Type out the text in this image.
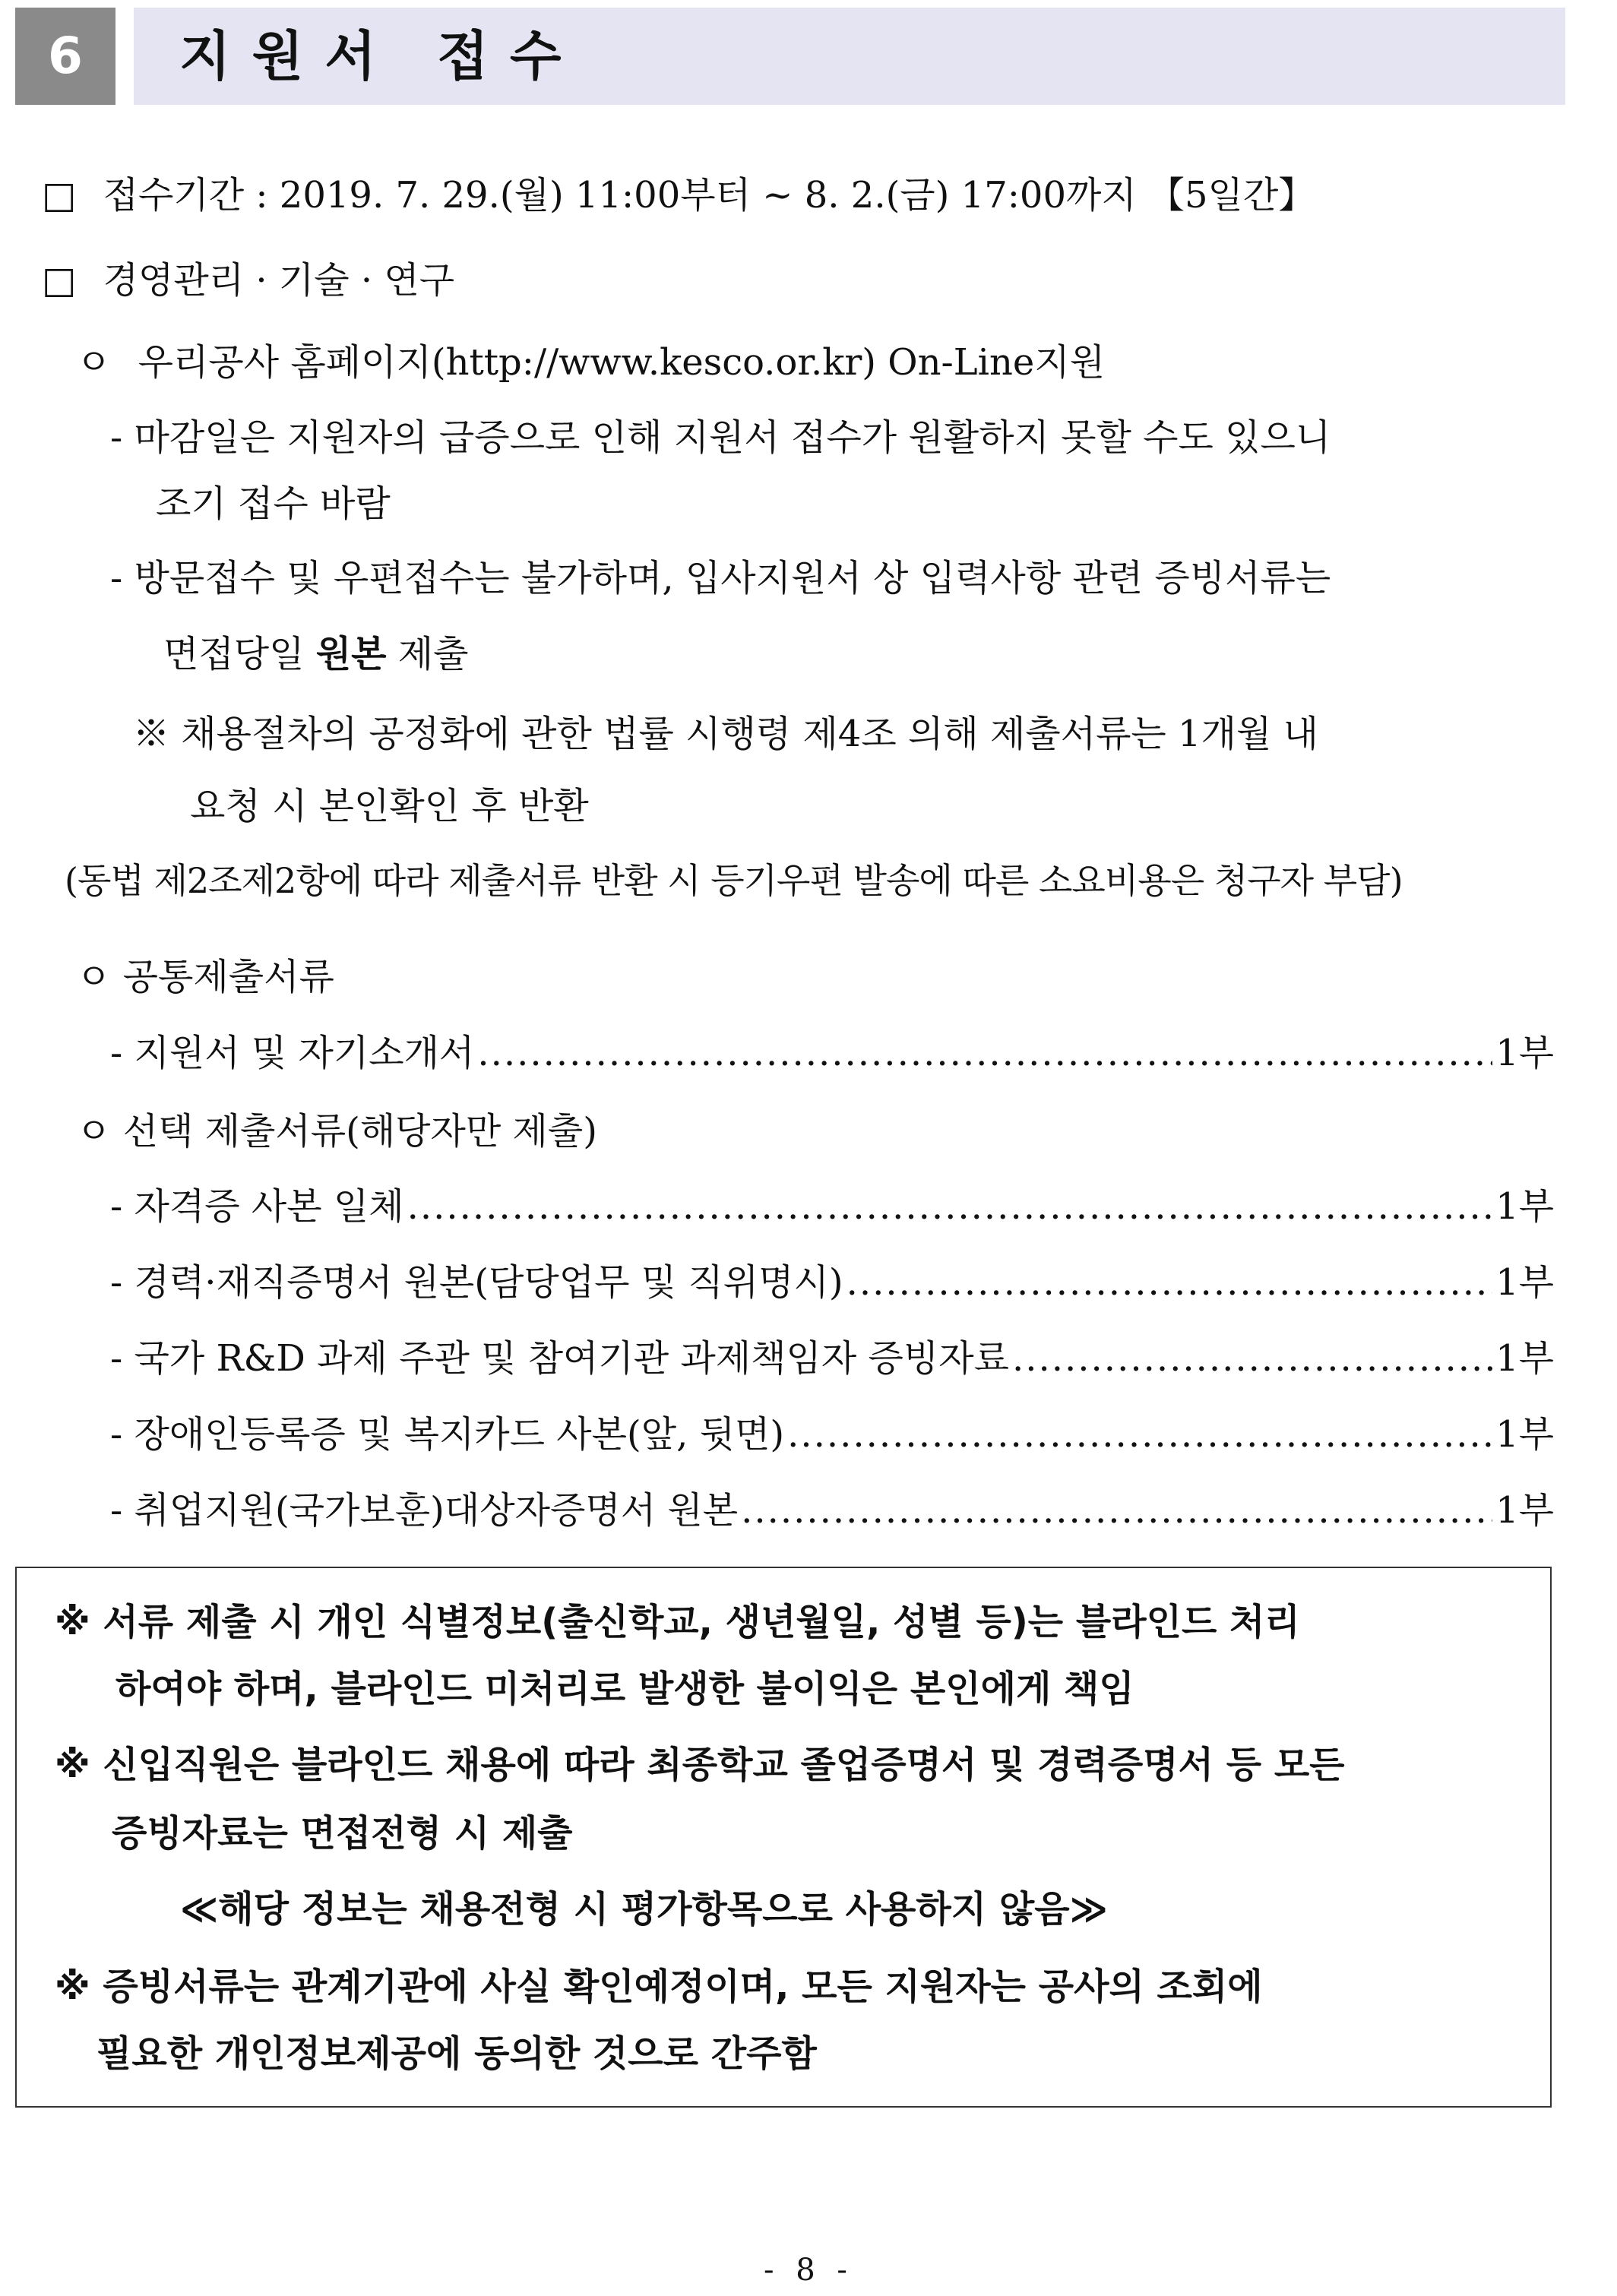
6	지원서 접수
□ 접수기간 : 2019. 7. 29.(월) 11:00부터 ~ 8. 2.(금) 17:00까지 【5일간】
□ 경영관리 · 기술 · 연구
ㅇ 우리공사 홈페이지(http://www.kesco.or.kr) On-Line지원
- 마감일은 지원자의 급증으로 인해 지원서 접수가 원활하지 못할 수도 있으니
조기 접수 바람
- 방문접수 및 우편접수는 불가하며, 입사지원서 상 입력사항 관련 증빙서류는
면접당일 원본 제출
※ 채용절차의 공정화에 관한 법률 시행령 제4조 의해 제출서류는 1개월 내
요청 시 본인확인 후 반환
(동법 제2조제2항에 따라 제출서류 반환 시 등기우편 발송에 따른 소요비용은 청구자 부담)
ㅇ 공통제출서류
- 지원서 및 자기소개서 .....	1부
ㅇ 선택 제출서류(해당자만 제출)
- 자격증 사본 일체 .....	1부
- 경력·재직증명서 원본(담당업무 및 직위명시) .....	1부
- 국가 R&D 과제 주관 및 참여기관 과제책임자 증빙자료 .....	1부
- 장애인등록증 및 복지카드 사본(앞, 뒷면) .....	1부
- 취업지원(국가보훈)대상자증명서 원본 .....	1부
※ 서류 제출 시 개인 식별정보(출신학교, 생년월일, 성별 등)는 블라인드 처리
하여야 하며, 블라인드 미처리로 발생한 불이익은 본인에게 책임
※ 신입직원은 블라인드 채용에 따라 최종학교 졸업증명서 및 경력증명서 등 모든
증빙자료는 면접전형 시 제출
≪해당 정보는 채용전형 시 평가항목으로 사용하지 않음≫
※ 증빙서류는 관계기관에 사실 확인예정이며, 모든 지원자는 공사의 조회에
필요한 개인정보제공에 동의한 것으로 간주함
- 8 -
